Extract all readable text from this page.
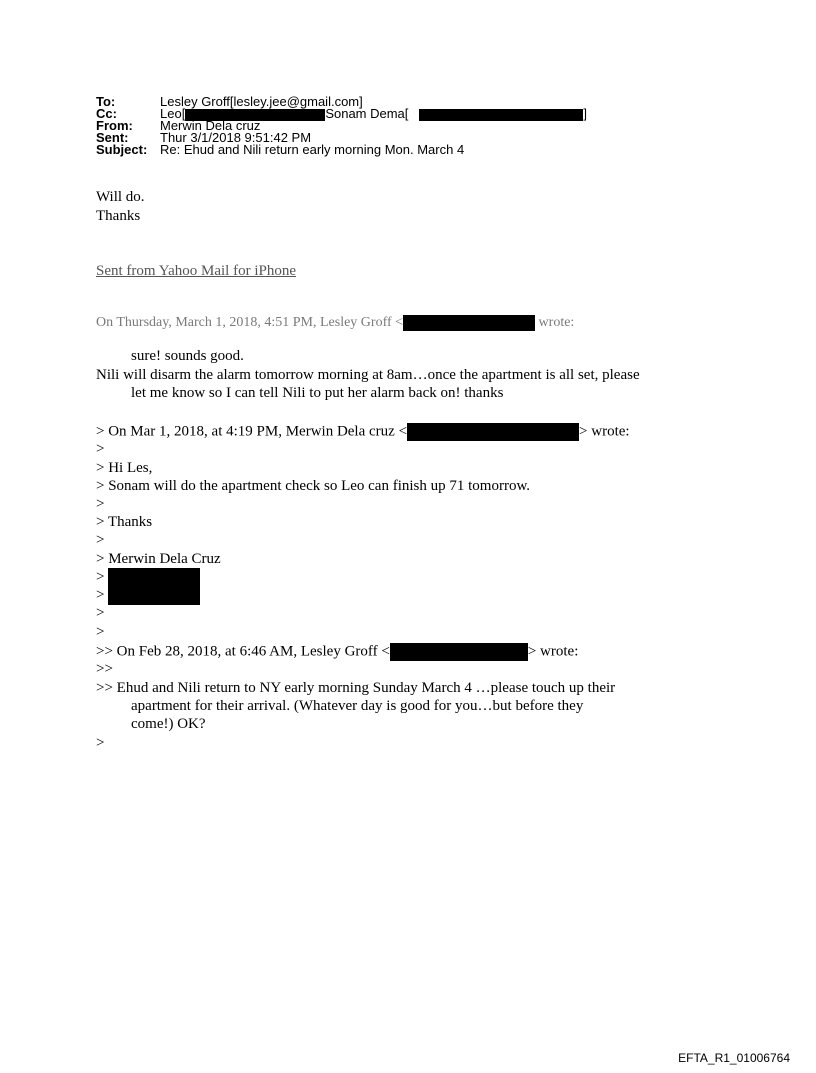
To:	Lesley Groff[lesley.jee@gmail.com]
Cc:	Leo[	Sonam Dema[	]
From:	Merwin Dela cruz
Sent:	Thur 3/1/2018 9:51:42 PM
Subject: Re: Ehud and Nili return early morning Mon. March 4
Will do.
Thanks
Sent from Yahoo Mail for iPhone
On Thursday, March 1, 2018, 4:51 PM, Lesley Groff <	wrote:
sure! sounds good.
Nili will disarm the alarm tomorrow morning at 8am…once the apartment is all set, please
let me know so I can tell Nili to put her alarm back on! thanks
> On Mar 1, 2018, at 4:19 PM, Merwin Dela cruz <	> wrote:
>
> Hi Les,
> Sonam will do the apartment check so Leo can finish up 71 tomorrow.
>
> Thanks
>
> Merwin Dela Cruz
>
>
>
>
>> On Feb 28, 2018, at 6:46 AM, Lesley Groff <	> wrote:
>>
>> Ehud and Nili return to NY early morning Sunday March 4 …please touch up their
apartment for their arrival. (Whatever day is good for you…but before they
come!) OK?
>
EFTA_R1_01006764
